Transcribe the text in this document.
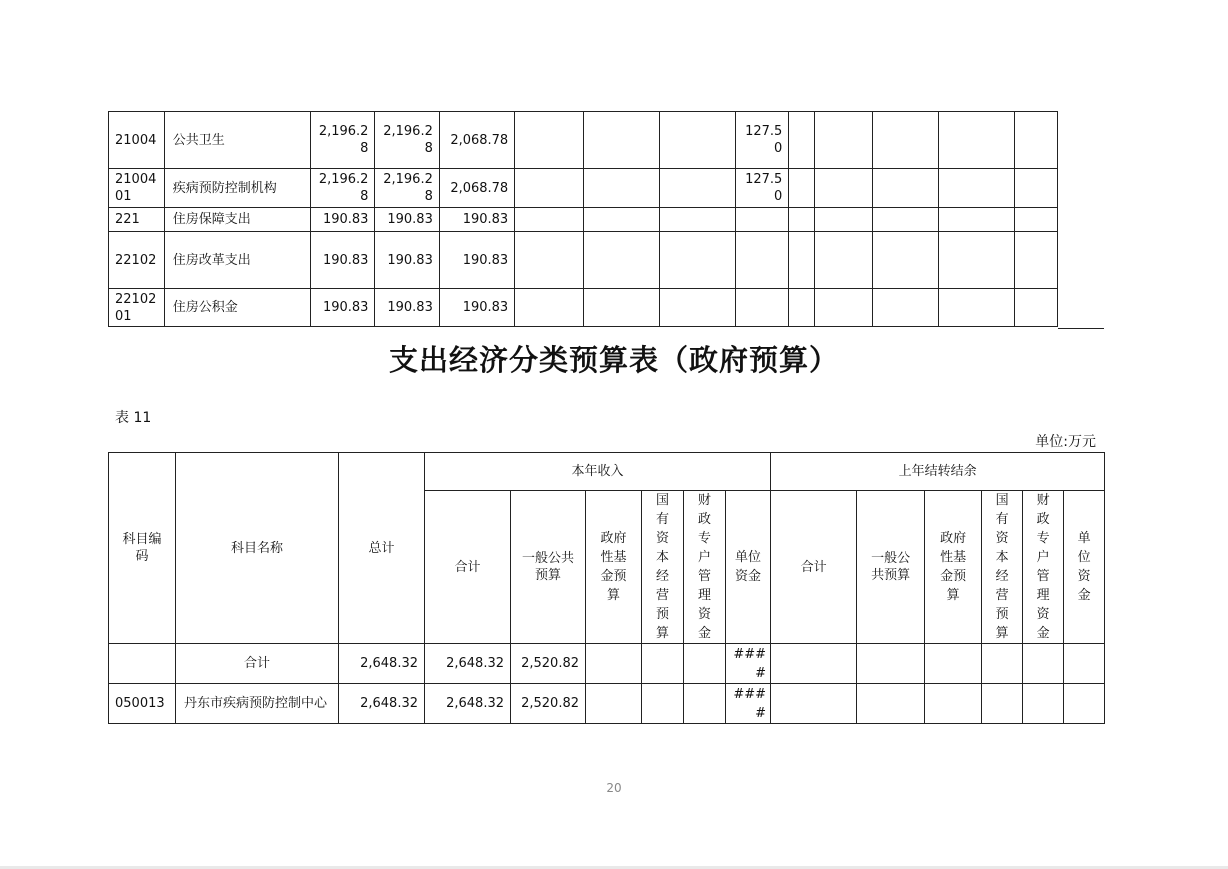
21004	公共卫生	2,196.28	2,196.28	2,068.78				127.50					
2100401	疾病预防控制机构	2,196.28	2,196.28	2,068.78				127.50					
221	住房保障支出	190.83	190.83	190.83									
22102	住房改革支出	190.83	190.83	190.83									
2210201	住房公积金	190.83	190.83	190.83									
支出经济分类预算表（政府预算）
表 11
单位:万元
科目编码	科目名称	总计	本年收入						上年结转结余					
			合计	一般公共预算	政府性基金预算	国有资本经营预算	财政专户管理资金	单位资金	合计	一般公共预算	政府性基金预算	国有资本经营预算	财政专户管理资金	单位资金
	合计	2,648.32	2,648.32	2,520.82				####						
050013	丹东市疾病预防控制中心	2,648.32	2,648.32	2,520.82				####						
20
